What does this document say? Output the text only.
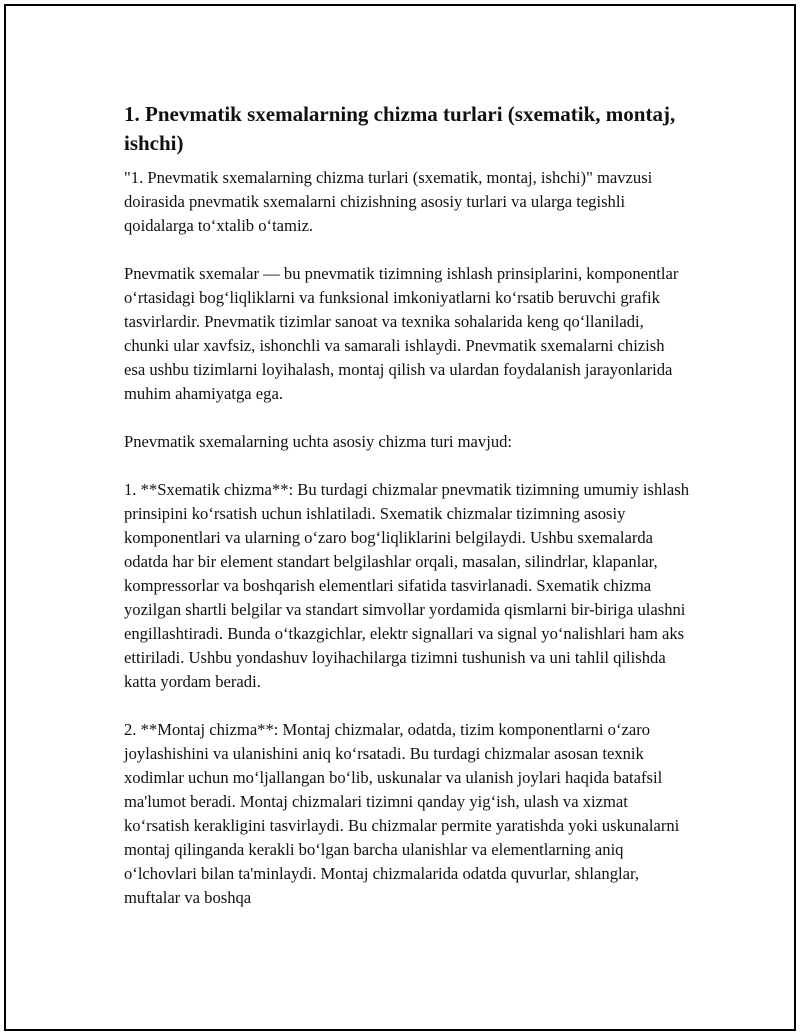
1. Pnevmatik sxemalarning chizma turlari (sxematik, montaj, ishchi)

"1. Pnevmatik sxemalarning chizma turlari (sxematik, montaj, ishchi)" mavzusi doirasida pnevmatik sxemalarni chizishning asosiy turlari va ularga tegishli qoidalarga to‘xtalib o‘tamiz.

Pnevmatik sxemalar — bu pnevmatik tizimning ishlash prinsiplarini, komponentlar o‘rtasidagi bog‘liqliklarni va funksional imkoniyatlarni ko‘rsatib beruvchi grafik tasvirlardir. Pnevmatik tizimlar sanoat va texnika sohalarida keng qo‘llaniladi, chunki ular xavfsiz, ishonchli va samarali ishlaydi. Pnevmatik sxemalarni chizish esa ushbu tizimlarni loyihalash, montaj qilish va ulardan foydalanish jarayonlarida muhim ahamiyatga ega.

Pnevmatik sxemalarning uchta asosiy chizma turi mavjud:

1. **Sxematik chizma**: Bu turdagi chizmalar pnevmatik tizimning umumiy ishlash prinsipini ko‘rsatish uchun ishlatiladi. Sxematik chizmalar tizimning asosiy komponentlari va ularning o‘zaro bog‘liqliklarini belgilaydi. Ushbu sxemalarda odatda har bir element standart belgilashlar orqali, masalan, silindrlar, klapanlar, kompressorlar va boshqarish elementlari sifatida tasvirlanadi. Sxematik chizma yozilgan shartli belgilar va standart simvollar yordamida qismlarni bir-biriga ulashni engillashtiradi. Bunda o‘tkazgichlar, elektr signallari va signal yo‘nalishlari ham aks ettiriladi. Ushbu yondashuv loyihachilarga tizimni tushunish va uni tahlil qilishda katta yordam beradi.

2. **Montaj chizma**: Montaj chizmalar, odatda, tizim komponentlarni o‘zaro joylashishini va ulanishini aniq ko‘rsatadi. Bu turdagi chizmalar asosan texnik xodimlar uchun mo‘ljallangan bo‘lib, uskunalar va ulanish joylari haqida batafsil ma'lumot beradi. Montaj chizmalari tizimni qanday yig‘ish, ulash va xizmat ko‘rsatish kerakligini tasvirlaydi. Bu chizmalar permite yaratishda yoki uskunalarni montaj qilinganda kerakli bo‘lgan barcha ulanishlar va elementlarning aniq o‘lchovlari bilan ta'minlaydi. Montaj chizmalarida odatda quvurlar, shlanglar, muftalar va boshqa
